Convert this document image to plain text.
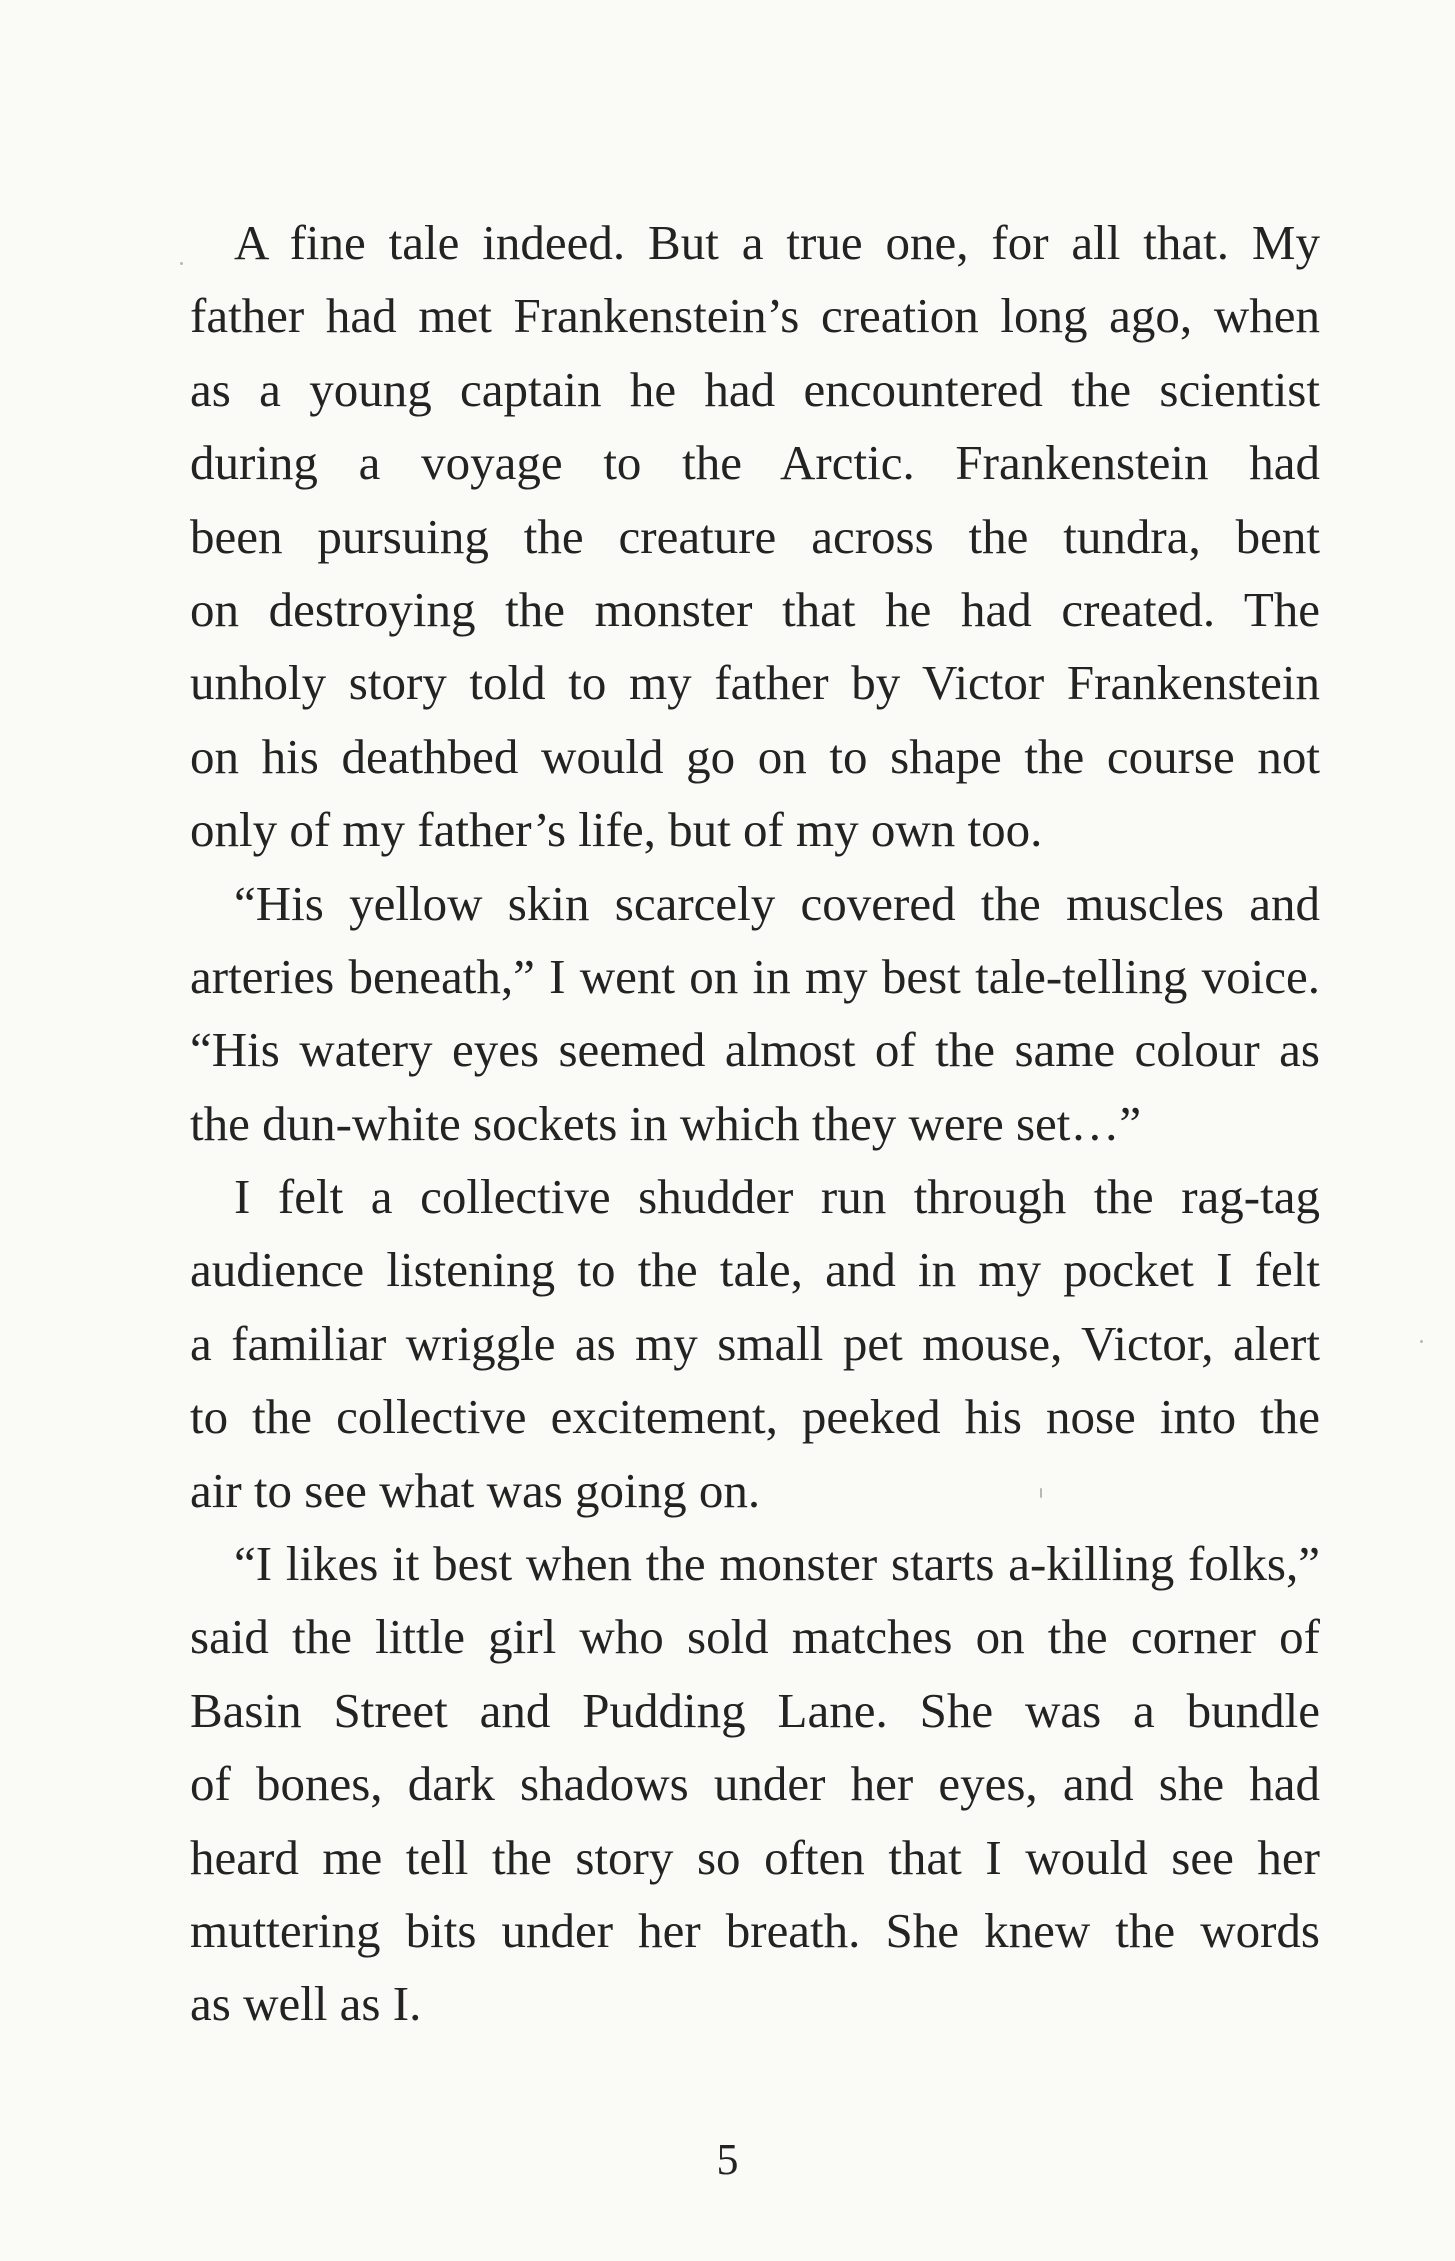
A fine tale indeed. But a true one, for all that. My
father had met Frankenstein’s creation long ago, when
as a young captain he had encountered the scientist
during a voyage to the Arctic. Frankenstein had
been pursuing the creature across the tundra, bent
on destroying the monster that he had created. The
unholy story told to my father by Victor Frankenstein
on his deathbed would go on to shape the course not
only of my father’s life, but of my own too.
“His yellow skin scarcely covered the muscles and
arteries beneath,” I went on in my best tale-telling voice.
“His watery eyes seemed almost of the same colour as
the dun-white sockets in which they were set…”
I felt a collective shudder run through the rag-tag
audience listening to the tale, and in my pocket I felt
a familiar wriggle as my small pet mouse, Victor, alert
to the collective excitement, peeked his nose into the
air to see what was going on.
“I likes it best when the monster starts a-killing folks,”
said the little girl who sold matches on the corner of
Basin Street and Pudding Lane. She was a bundle
of bones, dark shadows under her eyes, and she had
heard me tell the story so often that I would see her
muttering bits under her breath. She knew the words
as well as I.
5
